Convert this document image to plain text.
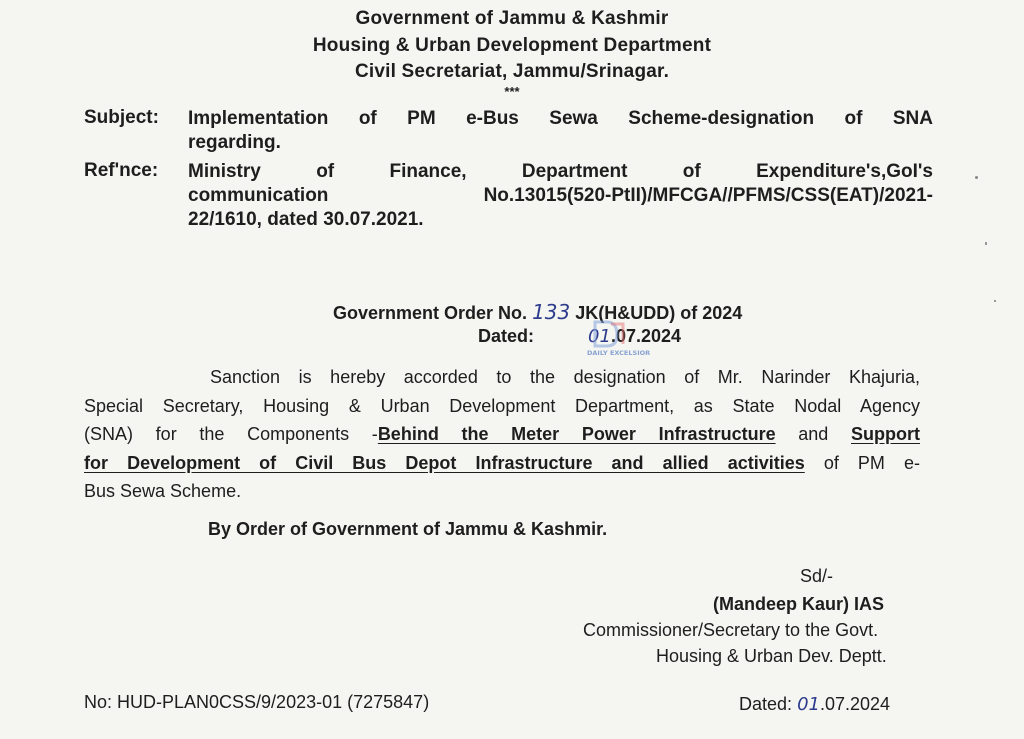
Government of Jammu & Kashmir
Housing & Urban Development Department
Civil Secretariat, Jammu/Srinagar.
***
Subject: Implementation of PM e-Bus Sewa Scheme-designation of SNA
regarding.
Ref'nce: Ministry of Finance, Department of Expenditure's,GoI's
communication No.13015(520-PtII)/MFCGA//PFMS/CSS(EAT)/2021-
22/1610, dated 30.07.2021.
Government Order No. 133 JK(H&UDD) of 2024
Dated:	01.07.2024
DAILY EXCELSIOR
Sanction is hereby accorded to the designation of Mr. Narinder Khajuria,
Special Secretary, Housing & Urban Development Department, as State Nodal Agency
(SNA) for the Components -Behind the Meter Power Infrastructure and Support
for Development of Civil Bus Depot Infrastructure and allied activities of PM e-
Bus Sewa Scheme.
By Order of Government of Jammu & Kashmir.
Sd/-
(Mandeep Kaur) IAS
Commissioner/Secretary to the Govt.
Housing & Urban Dev. Deptt.
No: HUD-PLAN0CSS/9/2023-01 (7275847)	Dated: 01.07.2024
